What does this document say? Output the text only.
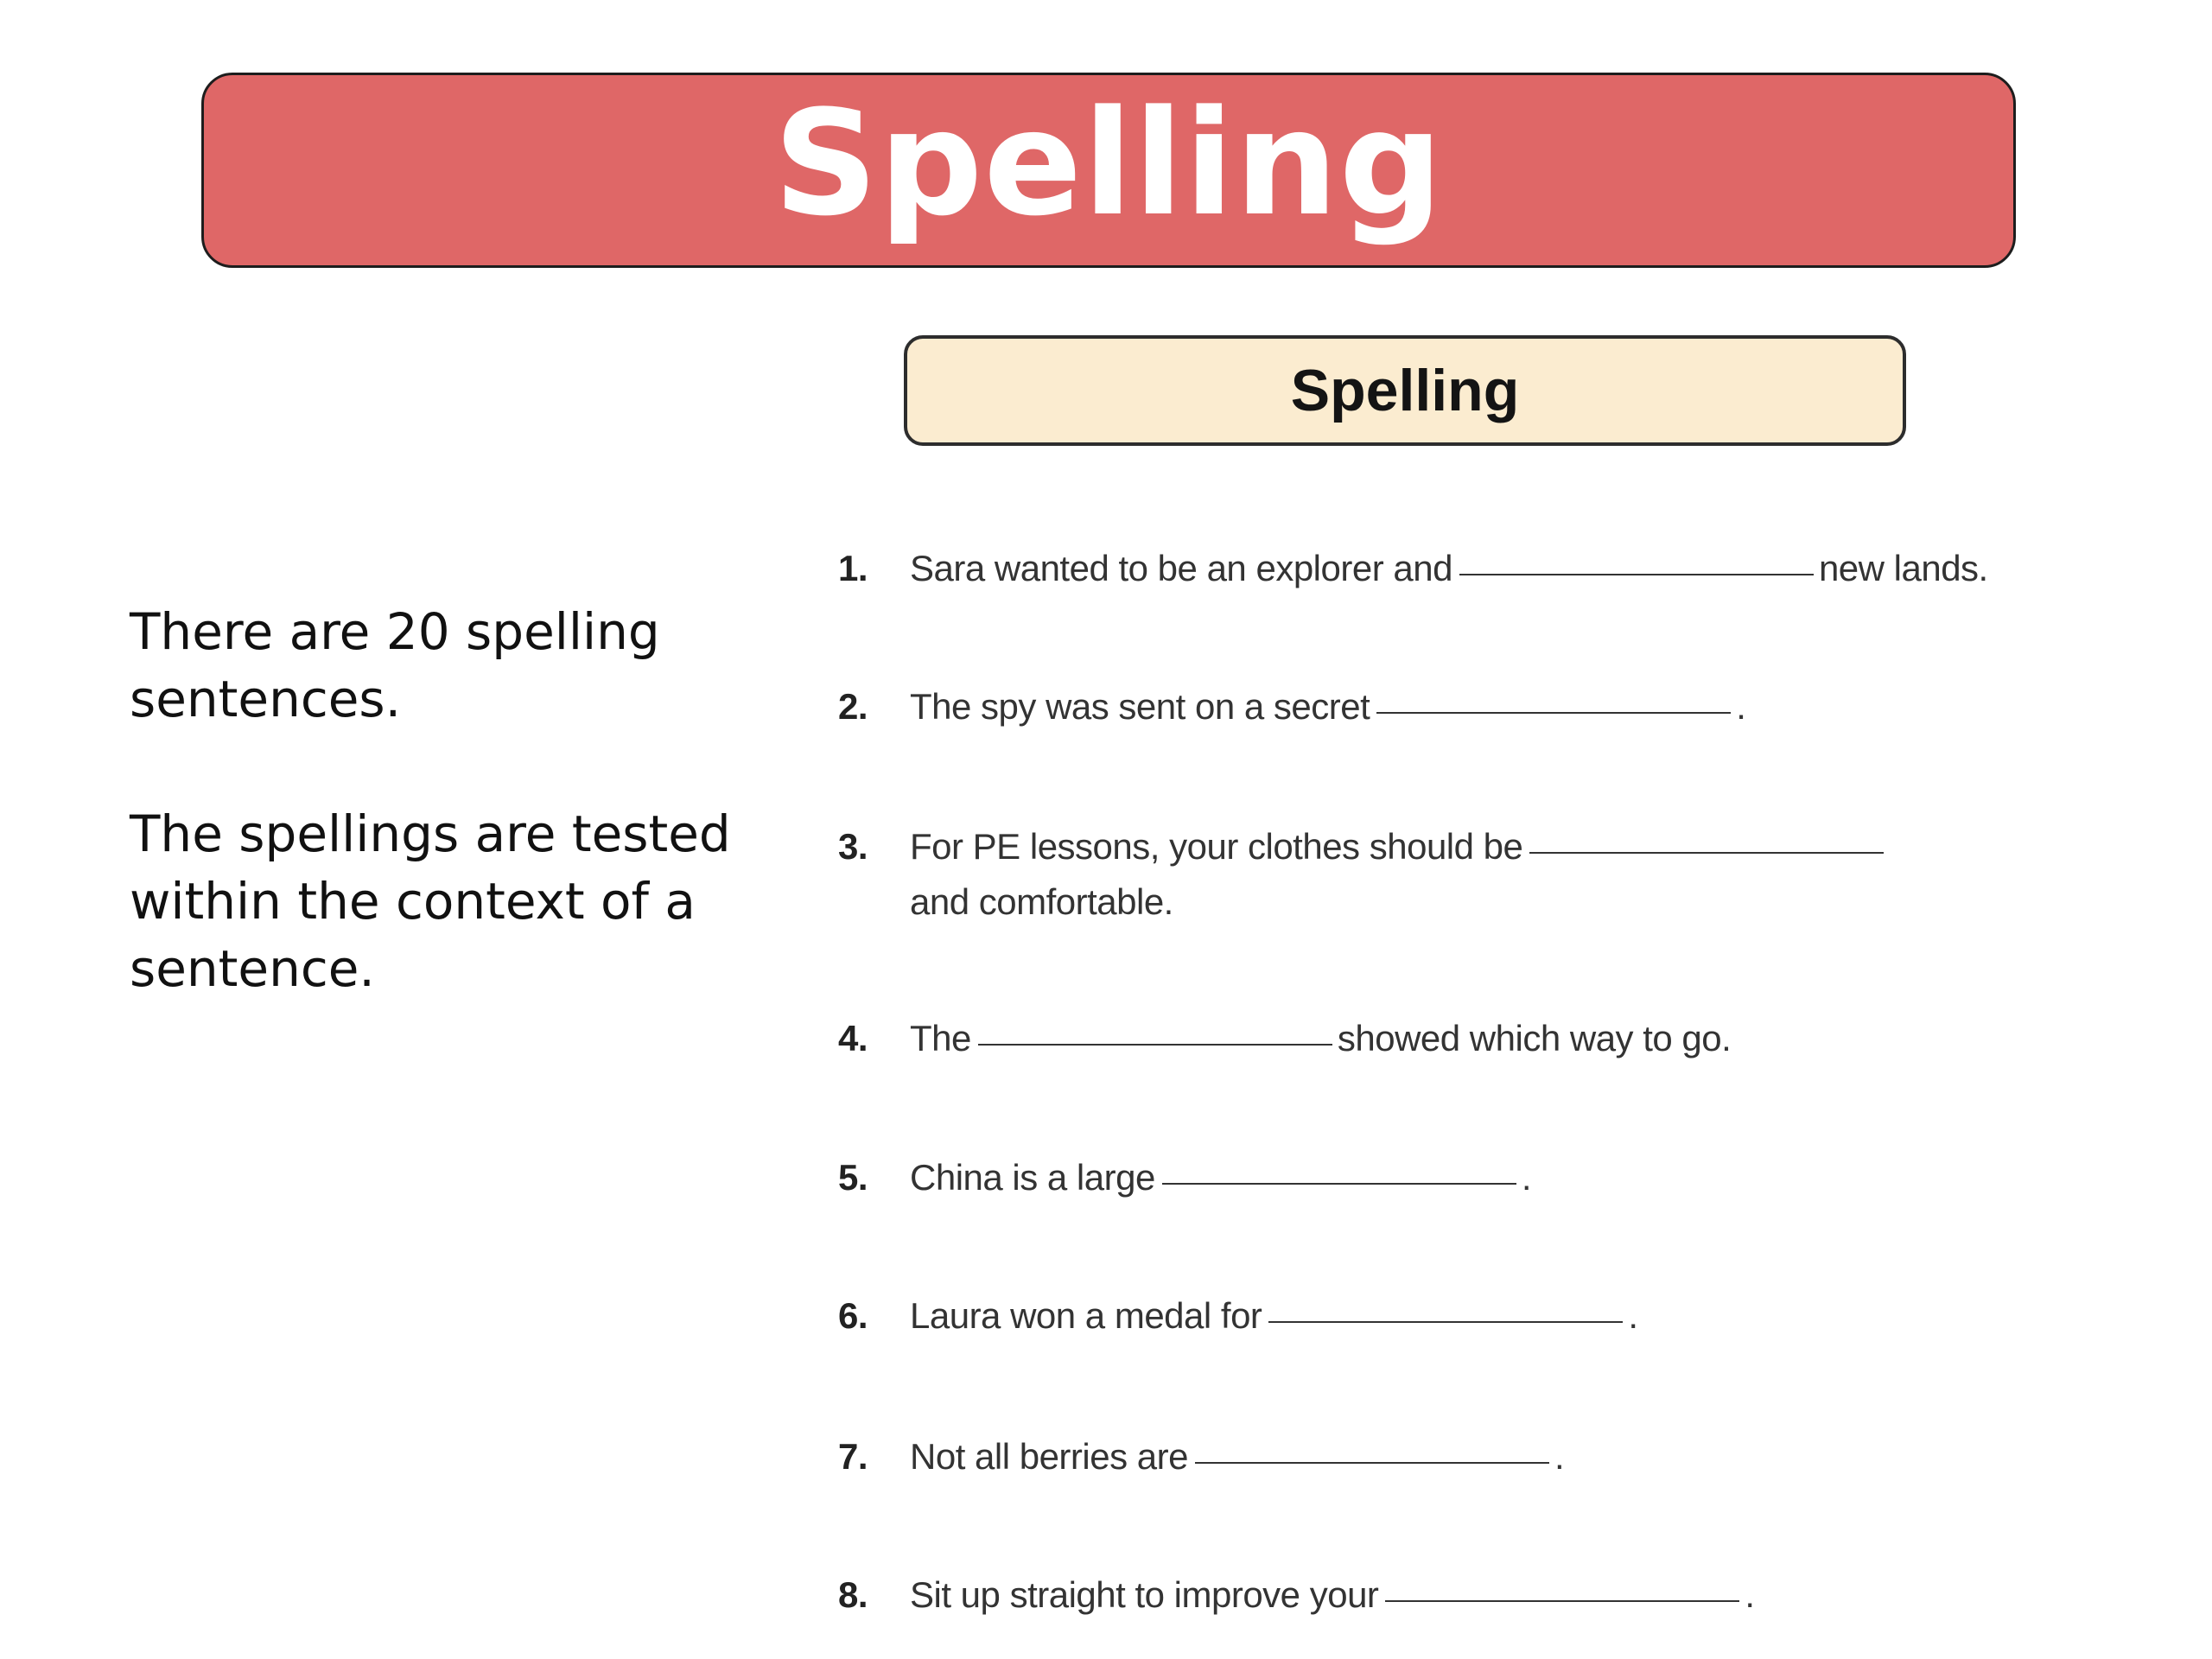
Spelling

There are 20 spelling sentences.

The spellings are tested within the context of a sentence.

Spelling
1. Sara wanted to be an explorer and	new lands.
2. The spy was sent on a secret	.
3. For PE lessons, your clothes should be
and comfortable.
4. The	showed which way to go.
5. China is a large	.
6. Laura won a medal for	.
7. Not all berries are	.
8. Sit up straight to improve your	.
